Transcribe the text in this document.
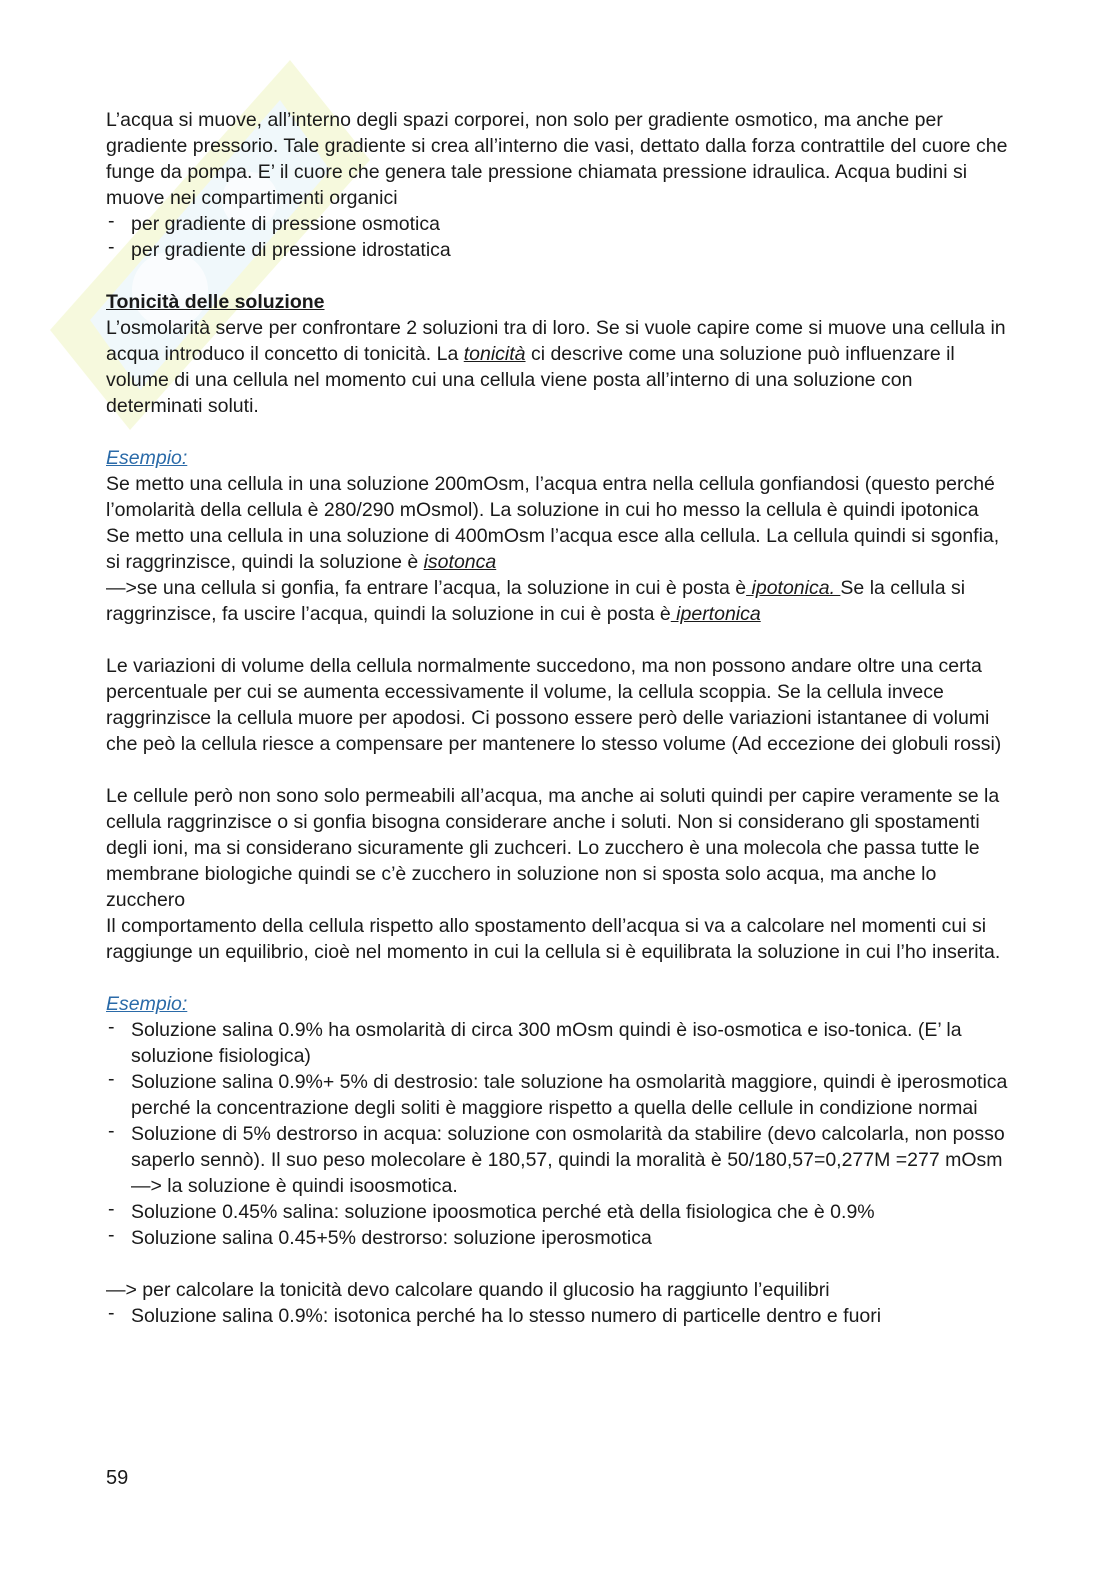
L’acqua si muove, all’interno degli spazi corporei, non solo per gradiente osmotico, ma anche per gradiente pressorio. Tale gradiente si crea all’interno die vasi, dettato dalla forza contrattile del cuore che funge da pompa. E’ il cuore che genera tale pressione chiamata pressione idraulica. Acqua budini si muove nei compartimenti organici

- per gradiente di pressione osmotica
- per gradiente di pressione idrostatica

Tonicità delle soluzione

L’osmolarità serve per confrontare 2 soluzioni tra di loro. Se si vuole capire come si muove una cellula in acqua introduco il concetto di tonicità. La tonicità ci descrive come una soluzione può influenzare il volume di una cellula nel momento cui una cellula viene posta all’interno di una soluzione con determinati soluti.

Esempio:

Se metto una cellula in una soluzione 200mOsm, l’acqua entra nella cellula gonfiandosi (questo perché l’omolarità della cellula è 280/290 mOsmol). La soluzione in cui ho messo la cellula è quindi ipotonica

Se metto una cellula in una soluzione di 400mOsm l’acqua esce alla cellula. La cellula quindi si sgonfia, si raggrinzisce, quindi la soluzione è isotonca

—>se una cellula si gonfia, fa entrare l’acqua, la soluzione in cui è posta è ipotonica. Se la cellula si raggrinzisce, fa uscire l’acqua, quindi la soluzione in cui è posta è ipertonica

Le variazioni di volume della cellula normalmente succedono, ma non possono andare oltre una certa percentuale per cui se aumenta eccessivamente il volume, la cellula scoppia. Se la cellula invece raggrinzisce la cellula muore per apodosi. Ci possono essere però delle variazioni istantanee di volumi che peò la cellula riesce a compensare per mantenere lo stesso volume (Ad eccezione dei globuli rossi)

Le cellule però non sono solo permeabili all’acqua, ma anche ai soluti quindi per capire veramente se la cellula raggrinzisce o si gonfia bisogna considerare anche i soluti. Non si considerano gli spostamenti degli ioni, ma si considerano sicuramente gli zuchceri. Lo zucchero è una molecola che passa tutte le membrane biologiche quindi se c’è zucchero in soluzione non si sposta solo acqua, ma anche lo zucchero

Il comportamento della cellula rispetto allo spostamento dell’acqua si va a calcolare nel momenti cui si raggiunge un equilibrio, cioè nel momento in cui la cellula si è equilibrata la soluzione in cui l’ho inserita.

Esempio:

- Soluzione salina 0.9% ha osmolarità di circa 300 mOsm quindi è iso-osmotica e iso-tonica. (E’ la soluzione fisiologica)
- Soluzione salina 0.9%+ 5% di destrosio: tale soluzione ha osmolarità maggiore, quindi è iperosmotica perché la concentrazione degli soliti è maggiore rispetto a quella delle cellule in condizione normai
- Soluzione di 5% destrorso in acqua: soluzione con osmolarità da stabilire (devo calcolarla, non posso saperlo sennò). Il suo peso molecolare è 180,57, quindi la moralità è 50/180,57=0,277M =277 mOsm—> la soluzione è quindi isoosmotica.
- Soluzione 0.45% salina: soluzione ipoosmotica perché età della fisiologica che è 0.9%
- Soluzione salina 0.45+5% destrorso: soluzione iperosmotica

—> per calcolare la tonicità devo calcolare quando il glucosio ha raggiunto l’equilibri

- Soluzione salina 0.9%: isotonica perché ha lo stesso numero di particelle dentro e fuori
59
